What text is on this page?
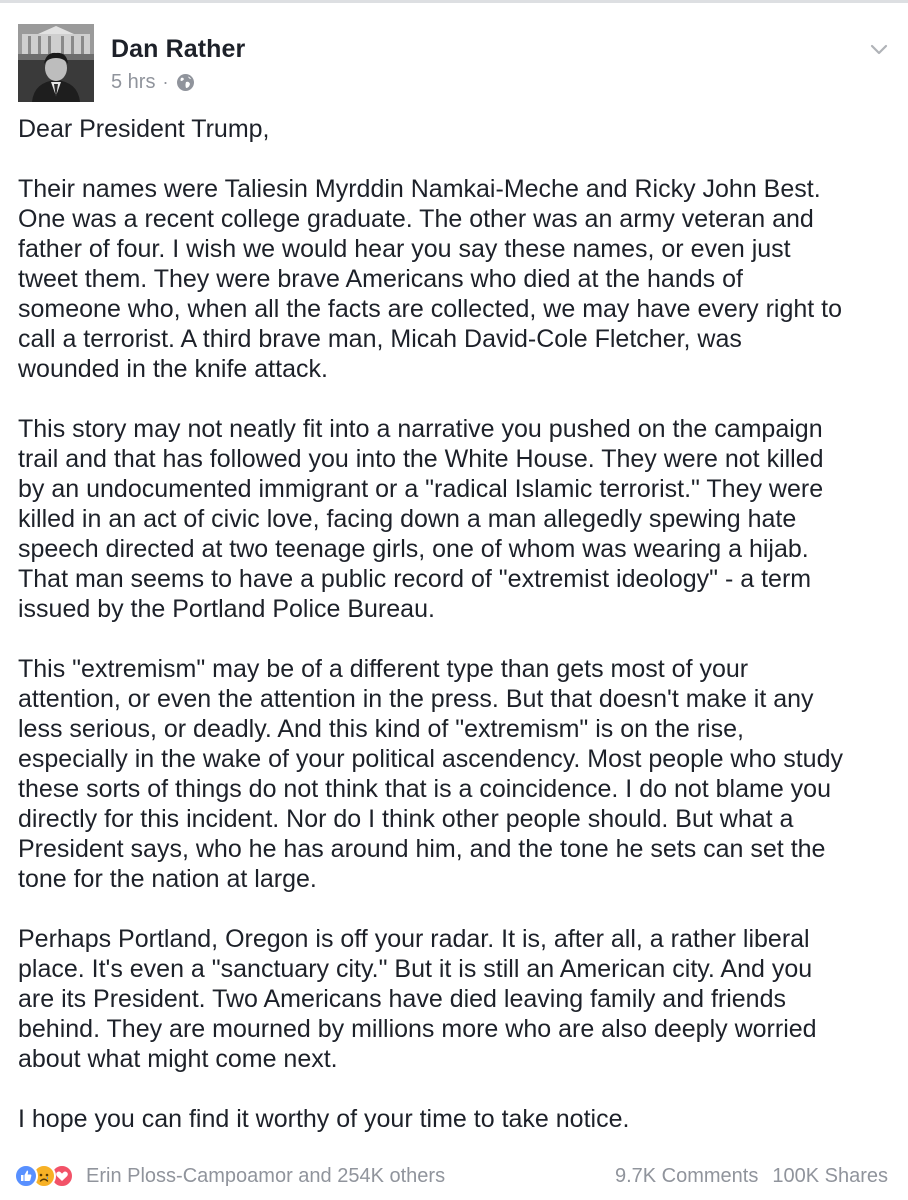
Dan Rather
5 hrs ·

Dear President Trump,

Their names were Taliesin Myrddin Namkai-Meche and Ricky John Best.
One was a recent college graduate. The other was an army veteran and
father of four. I wish we would hear you say these names, or even just
tweet them. They were brave Americans who died at the hands of
someone who, when all the facts are collected, we may have every right to
call a terrorist. A third brave man, Micah David-Cole Fletcher, was
wounded in the knife attack.

This story may not neatly fit into a narrative you pushed on the campaign
trail and that has followed you into the White House. They were not killed
by an undocumented immigrant or a "radical Islamic terrorist." They were
killed in an act of civic love, facing down a man allegedly spewing hate
speech directed at two teenage girls, one of whom was wearing a hijab.
That man seems to have a public record of "extremist ideology" - a term
issued by the Portland Police Bureau.

This "extremism" may be of a different type than gets most of your
attention, or even the attention in the press. But that doesn't make it any
less serious, or deadly. And this kind of "extremism" is on the rise,
especially in the wake of your political ascendency. Most people who study
these sorts of things do not think that is a coincidence. I do not blame you
directly for this incident. Nor do I think other people should. But what a
President says, who he has around him, and the tone he sets can set the
tone for the nation at large.

Perhaps Portland, Oregon is off your radar. It is, after all, a rather liberal
place. It's even a "sanctuary city." But it is still an American city. And you
are its President. Two Americans have died leaving family and friends
behind. They are mourned by millions more who are also deeply worried
about what might come next.

I hope you can find it worthy of your time to take notice.

Erin Ploss-Campoamor and 254K others	9.7K Comments 100K Shares
